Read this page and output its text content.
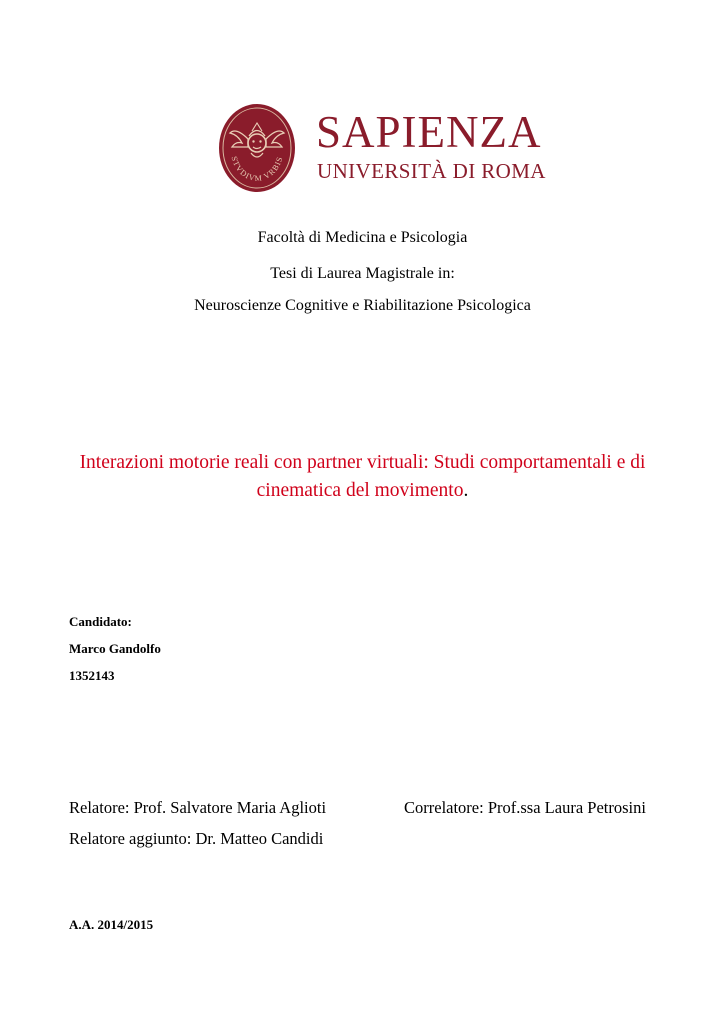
STVDIVM VRBIS
SAPIENZA
UNIVERSITÀ DI ROMA
Facoltà di Medicina e Psicologia
Tesi di Laurea Magistrale in:
Neuroscienze Cognitive e Riabilitazione Psicologica
Interazioni motorie reali con partner virtuali: Studi comportamentali e di cinematica del movimento.
Candidato:
Marco Gandolfo
1352143
Relatore: Prof. Salvatore Maria Aglioti	Correlatore: Prof.ssa Laura Petrosini
Relatore aggiunto: Dr. Matteo Candidi
A.A. 2014/2015
